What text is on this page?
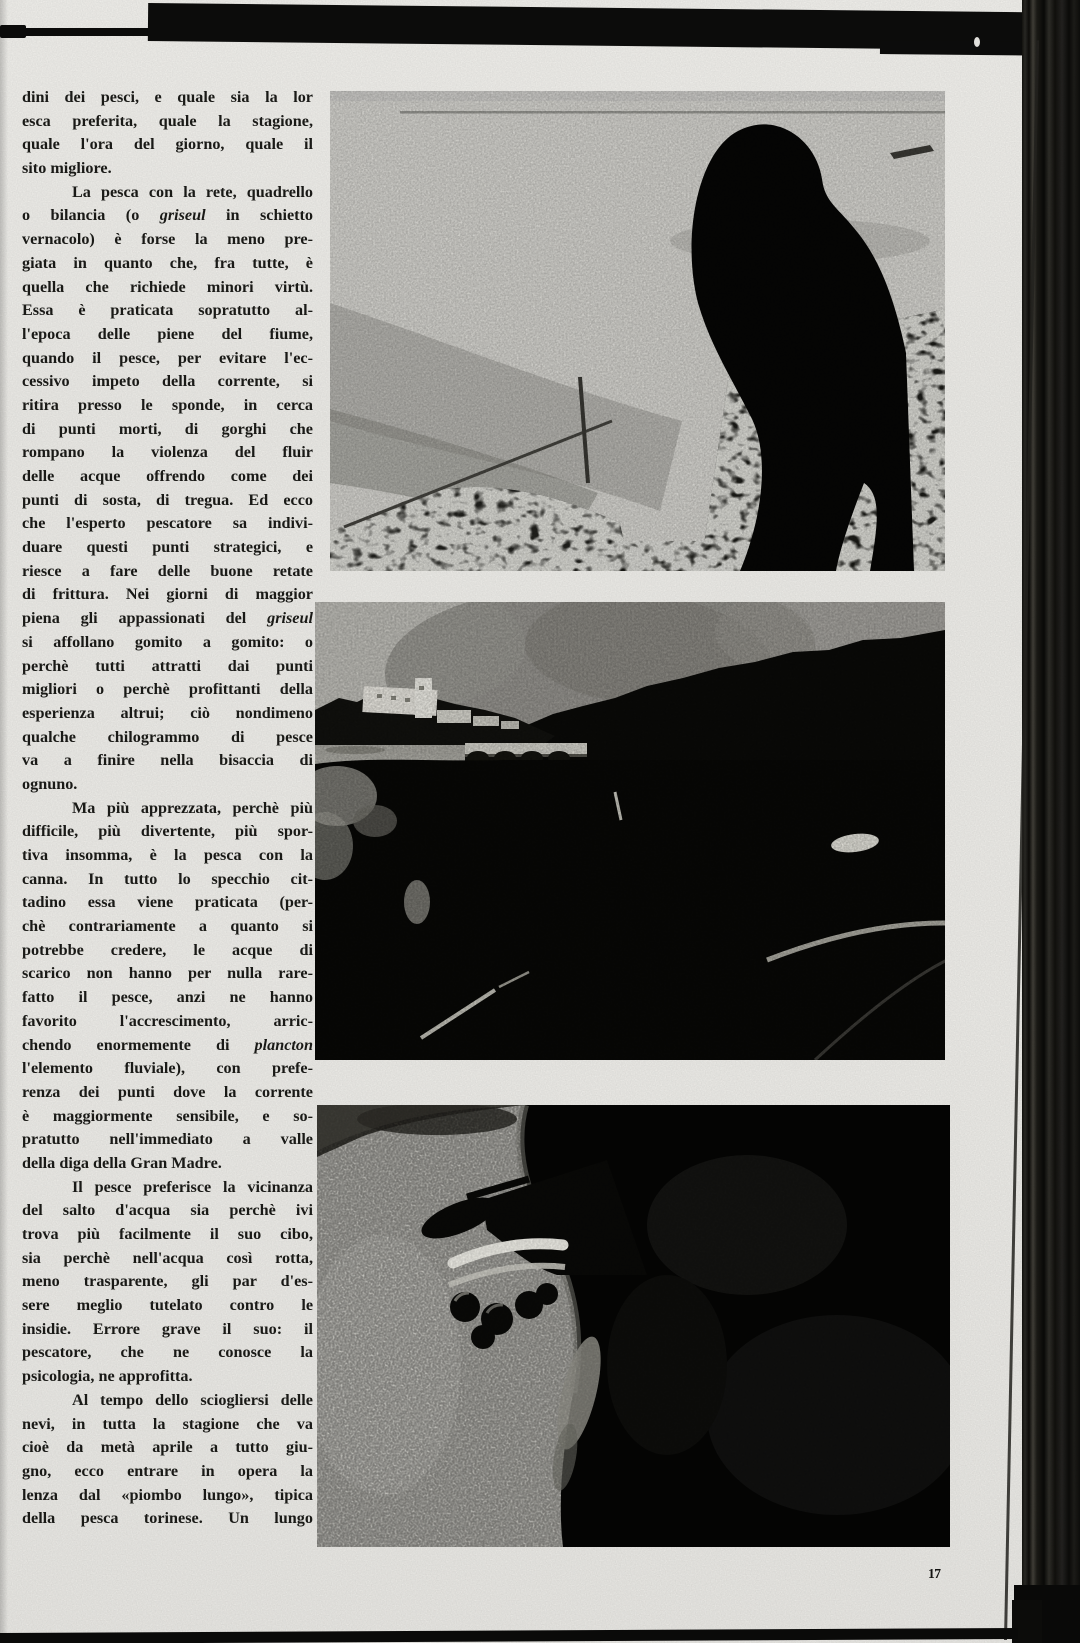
dini dei pesci, e quale sia la lor
esca preferita, quale la stagione,
quale l'ora del giorno, quale il
sito migliore.
La pesca con la rete, quadrello
o bilancia (o griseul in schietto
vernacolo) è forse la meno pre-
giata in quanto che, fra tutte, è
quella che richiede minori virtù.
Essa è praticata sopratutto al-
l'epoca delle piene del fiume,
quando il pesce, per evitare l'ec-
cessivo impeto della corrente, si
ritira presso le sponde, in cerca
di punti morti, di gorghi che
rompano la violenza del fluir
delle acque offrendo come dei
punti di sosta, di tregua. Ed ecco
che l'esperto pescatore sa indivi-
duare questi punti strategici, e
riesce a fare delle buone retate
di frittura. Nei giorni di maggior
piena gli appassionati del griseul
si affollano gomito a gomito: o
perchè tutti attratti dai punti
migliori o perchè profittanti della
esperienza altrui; ciò nondimeno
qualche chilogrammo di pesce
va a finire nella bisaccia di
ognuno.
Ma più apprezzata, perchè più
difficile, più divertente, più spor-
tiva insomma, è la pesca con la
canna. In tutto lo specchio cit-
tadino essa viene praticata (per-
chè contrariamente a quanto si
potrebbe credere, le acque di
scarico non hanno per nulla rare-
fatto il pesce, anzi ne hanno
favorito l'accrescimento, arric-
chendo enormemente di plancton
l'elemento fluviale), con prefe-
renza dei punti dove la corrente
è maggiormente sensibile, e so-
pratutto nell'immediato a valle
della diga della Gran Madre.
Il pesce preferisce la vicinanza
del salto d'acqua sia perchè ivi
trova più facilmente il suo cibo,
sia perchè nell'acqua così rotta,
meno trasparente, gli par d'es-
sere meglio tutelato contro le
insidie. Errore grave il suo: il
pescatore, che ne conosce la
psicologia, ne approfitta.
Al tempo dello sciogliersi delle
nevi, in tutta la stagione che va
cioè da metà aprile a tutto giu-
gno, ecco entrare in opera la
lenza dal «piombo lungo», tipica
della pesca torinese. Un lungo
17
